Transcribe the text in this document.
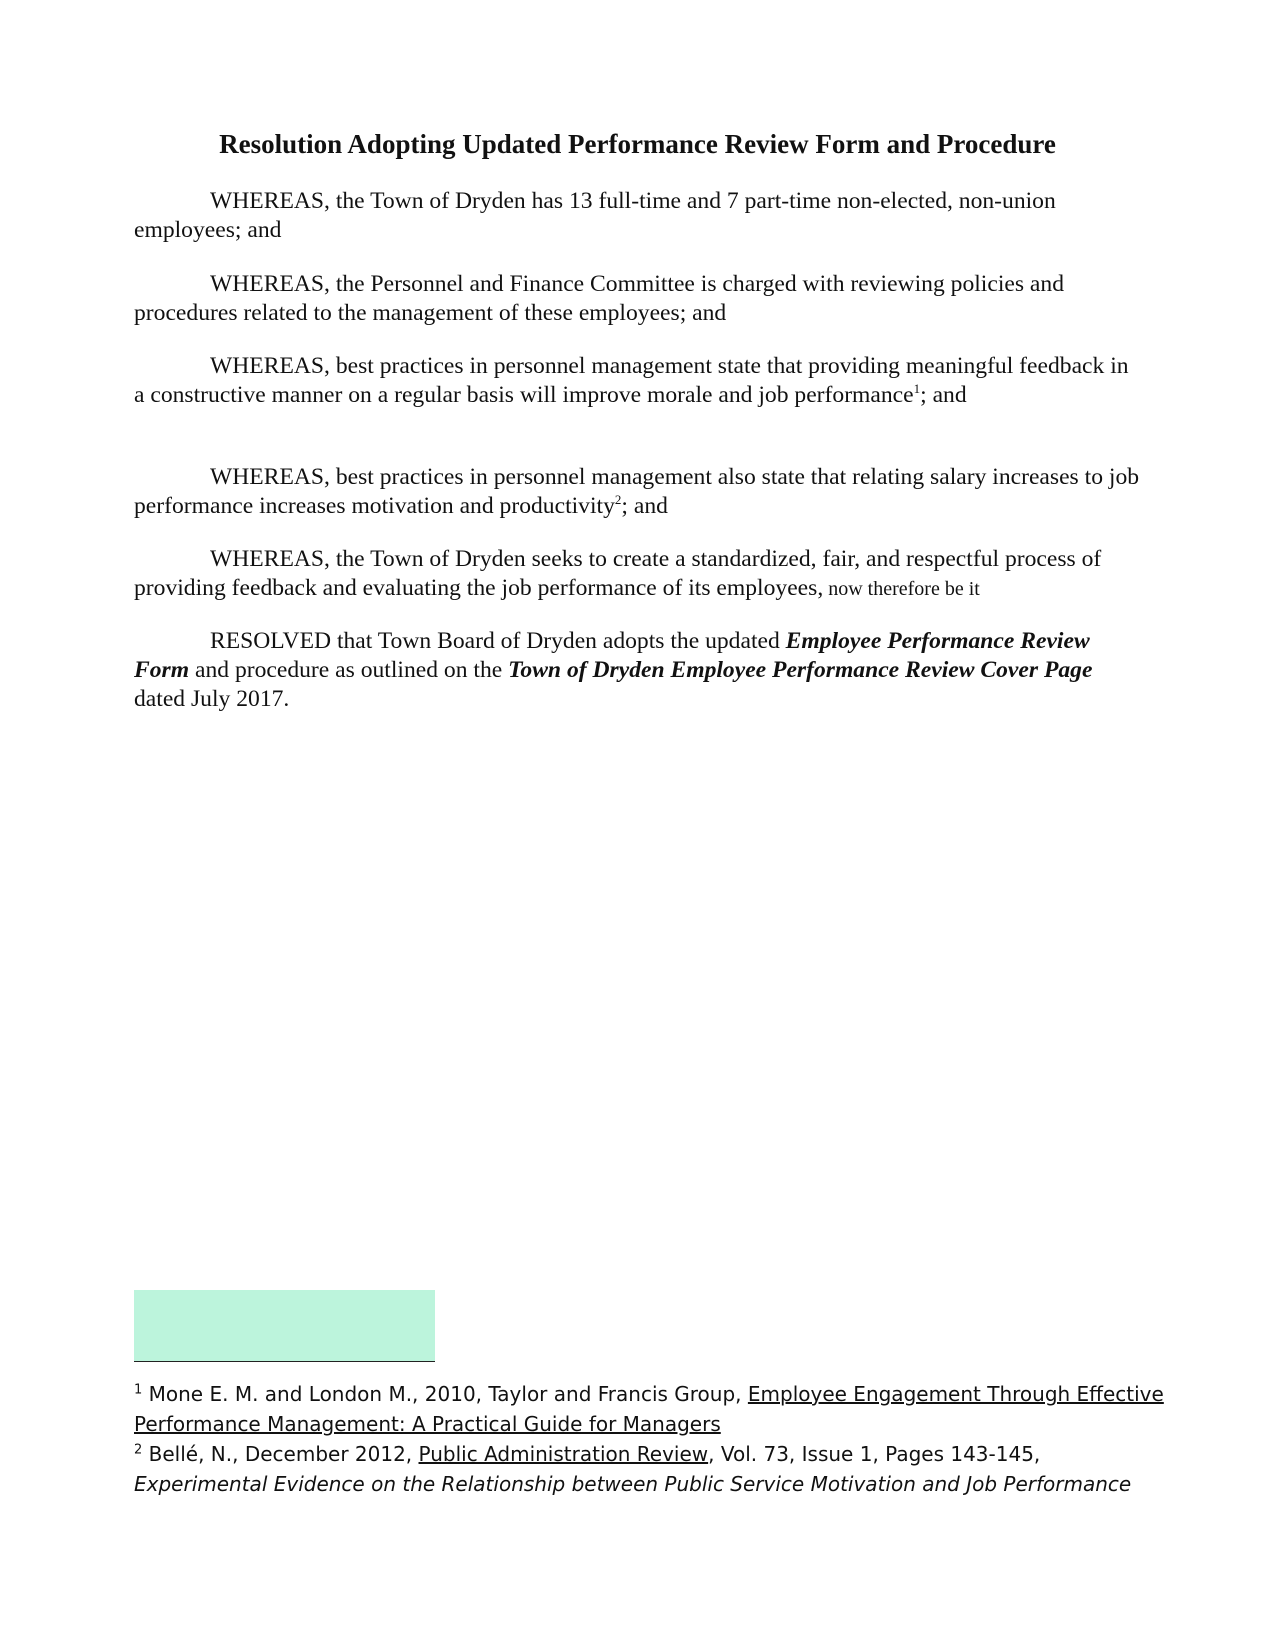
Resolution Adopting Updated Performance Review Form and Procedure
WHEREAS, the Town of Dryden has 13 full-time and 7 part-time non-elected, non-union employees; and
WHEREAS, the Personnel and Finance Committee is charged with reviewing policies and procedures related to the management of these employees; and
WHEREAS, best practices in personnel management state that providing meaningful feedback in a constructive manner on a regular basis will improve morale and job performance$^1$; and
WHEREAS, best practices in personnel management also state that relating salary increases to job performance increases motivation and productivity$^2$; and
WHEREAS, the Town of Dryden seeks to create a standardized, fair, and respectful process of providing feedback and evaluating the job performance of its employees, now therefore be it
RESOLVED that Town Board of Dryden adopts the updated Employee Performance Review Form and procedure as outlined on the Town of Dryden Employee Performance Review Cover Page dated July 2017.
$^1$ Mone E. M. and London M., 2010, Taylor and Francis Group, Employee Engagement Through Effective Performance Management: A Practical Guide for Managers
$^2$ Bellé, N., December 2012, Public Administration Review, Vol. 73, Issue 1, Pages 143-145, Experimental Evidence on the Relationship between Public Service Motivation and Job Performance
